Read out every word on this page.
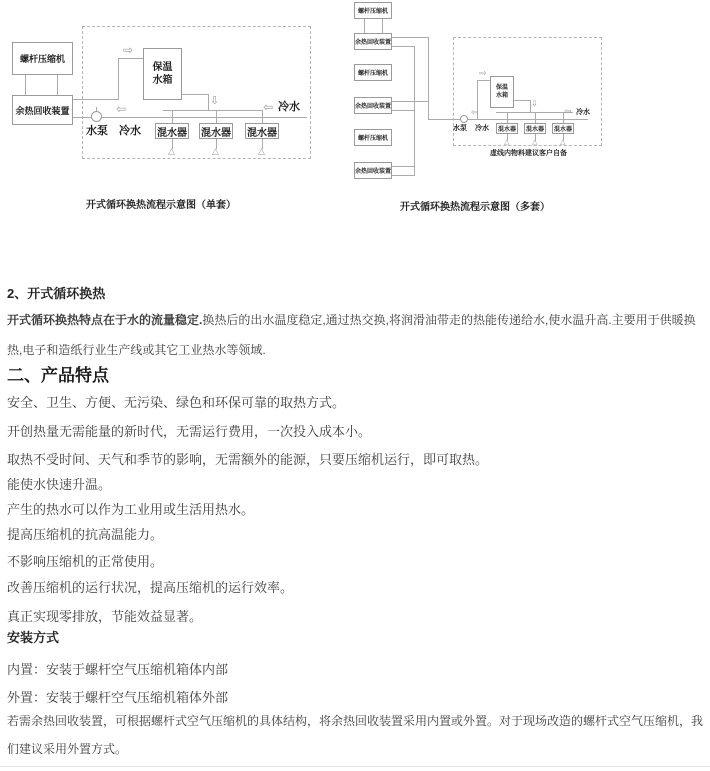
螺杆压缩机
余热回收装置
⇨
保温
水箱
⇦
水泵 冷水
⇩
混水器 混水器 混水器
△	△	△
⇦ 冷水
开式循环换热流程示意图（单套）
螺杆压缩机
余热回收装置
螺杆压缩机
余热回收装置
螺杆压缩机
余热回收装置
⇨
保温
水箱
⇦
水泵 冷水
⇩
混水器	混水器	混水器
△	△	△
⇦ 冷水
虚线内物料建议客户自备
开式循环换热流程示意图（多套）
2、开式循环换热
开式循环换热特点在于水的流量稳定.换热后的出水温度稳定,通过热交换,将润滑油带走的热能传递给水,使水温升高.主要用于供暖换热,电子和造纸行业生产线或其它工业热水等领域.
二、产品特点
安全、卫生、方便、无污染、绿色和环保可靠的取热方式。
开创热量无需能量的新时代，无需运行费用，一次投入成本小。
取热不受时间、天气和季节的影响，无需额外的能源，只要压缩机运行，即可取热。
能使水快速升温。
产生的热水可以作为工业用或生活用热水。
提高压缩机的抗高温能力。
不影响压缩机的正常使用。
改善压缩机的运行状况，提高压缩机的运行效率。
真正实现零排放，节能效益显著。
安装方式
内置：安装于螺杆空气压缩机箱体内部
外置：安装于螺杆空气压缩机箱体外部
若需余热回收装置，可根据螺杆式空气压缩机的具体结构，将余热回收装置采用内置或外置。对于现场改造的螺杆式空气压缩机，我们建议采用外置方式。
